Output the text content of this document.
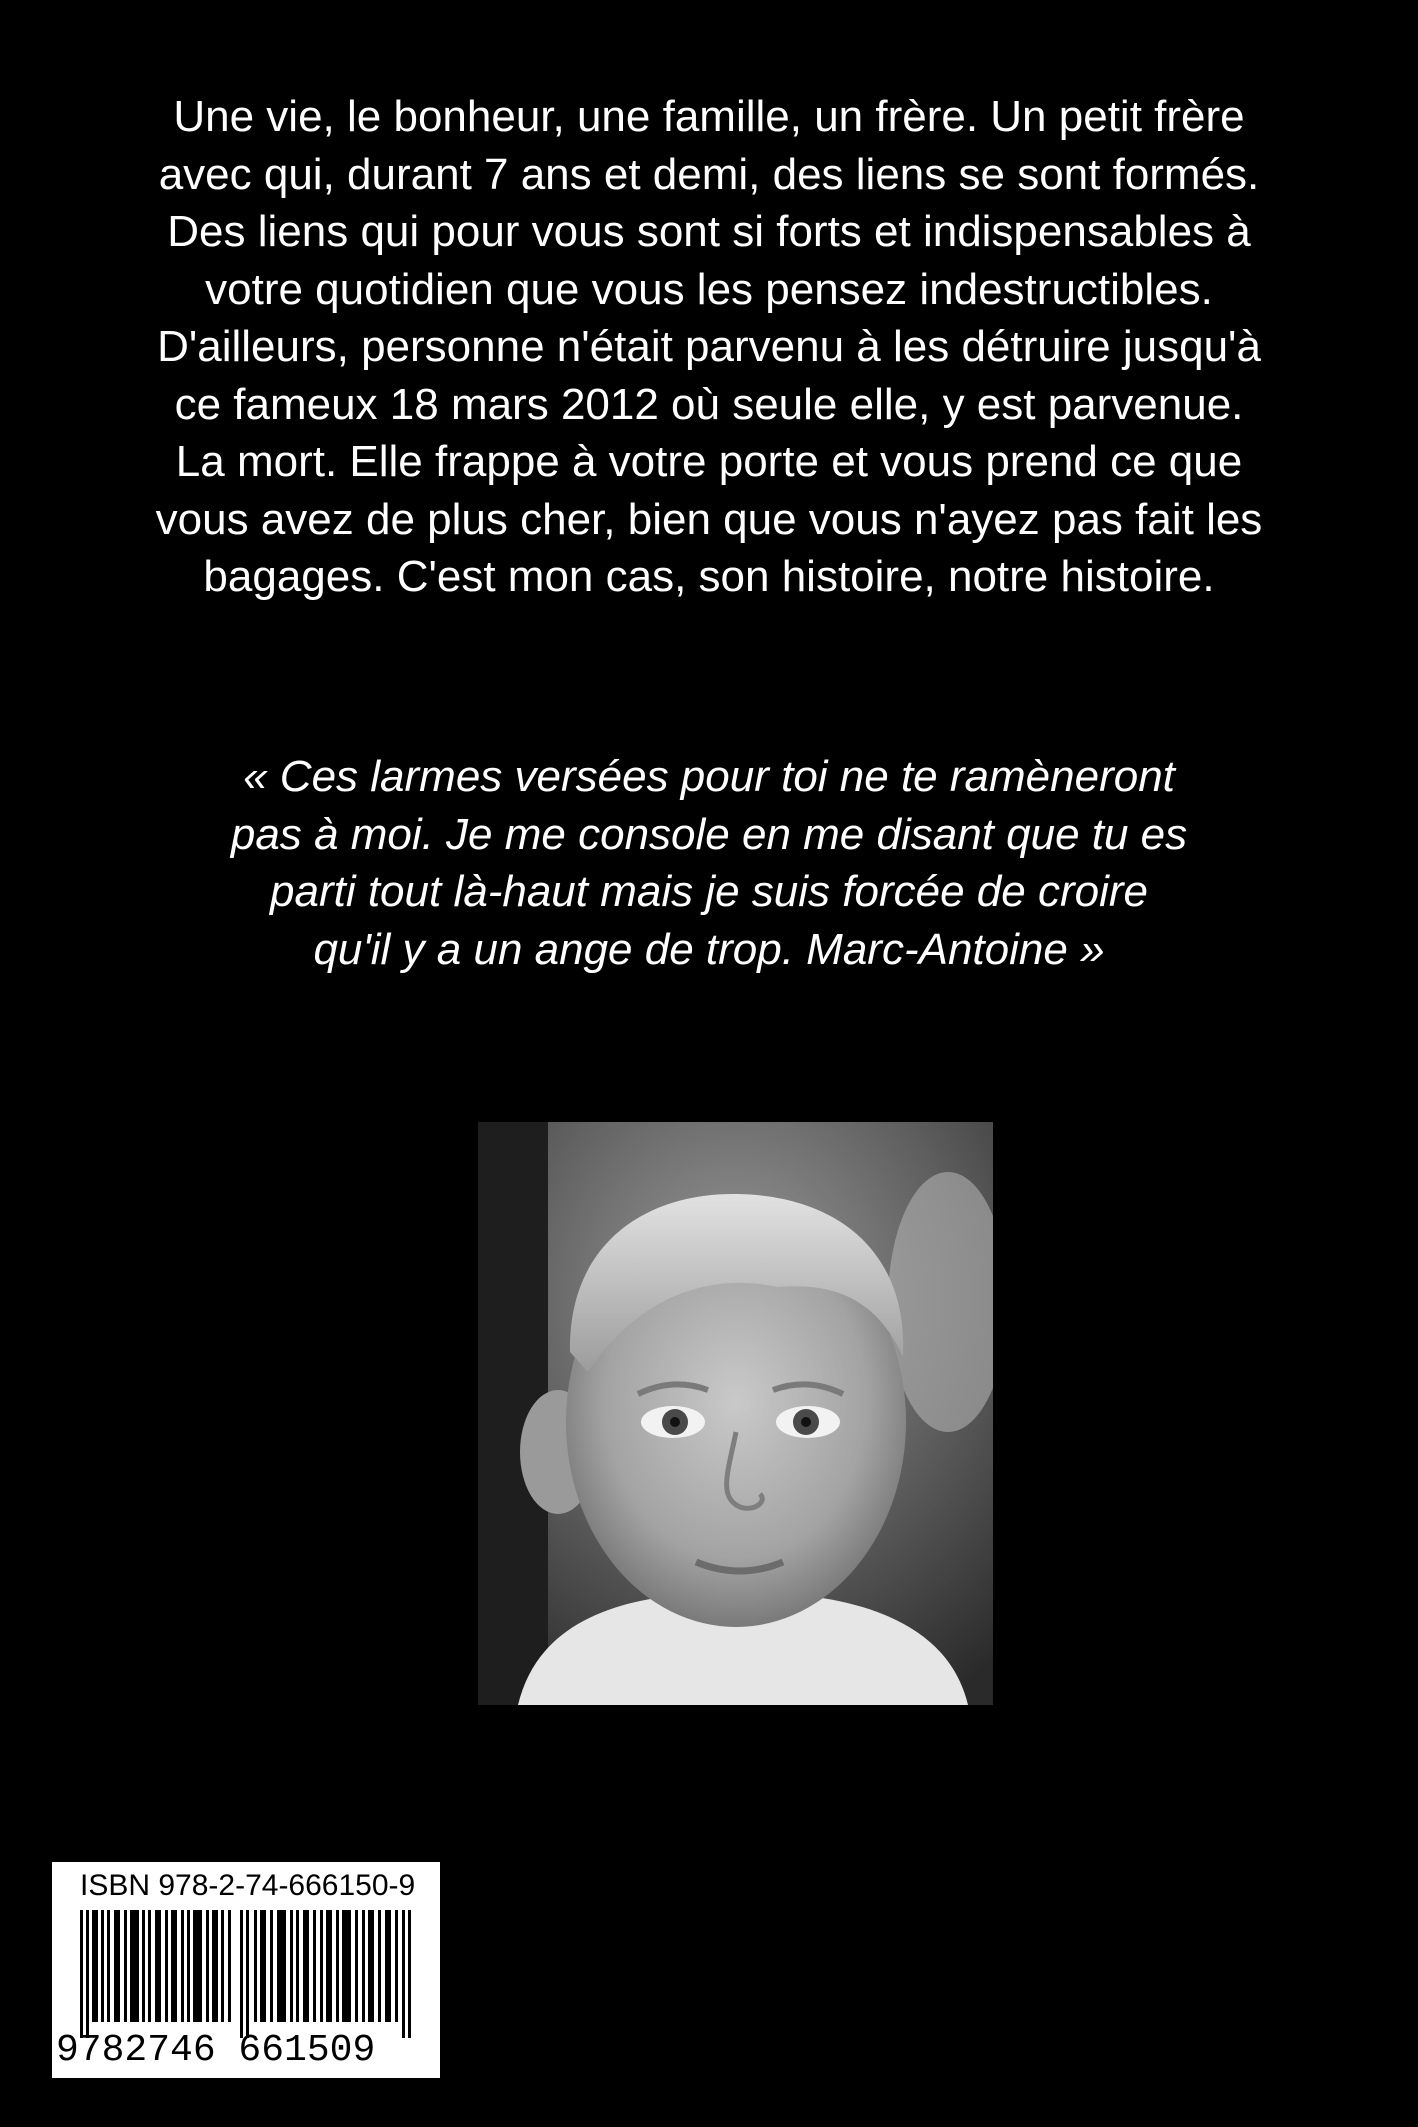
Une vie, le bonheur, une famille, un frère. Un petit frère
avec qui, durant 7 ans et demi, des liens se sont formés.
Des liens qui pour vous sont si forts et indispensables à
votre quotidien que vous les pensez indestructibles.
D'ailleurs, personne n'était parvenu à les détruire jusqu'à
ce fameux 18 mars 2012 où seule elle, y est parvenue.
La mort. Elle frappe à votre porte et vous prend ce que
vous avez de plus cher, bien que vous n'ayez pas fait les
bagages. C'est mon cas, son histoire, notre histoire.

« Ces larmes versées pour toi ne te ramèneront
pas à moi. Je me console en me disant que tu es
parti tout là-haut mais je suis forcée de croire
qu'il y a un ange de trop. Marc-Antoine »

ISBN 978-2-74-666150-9
9782746 661509
